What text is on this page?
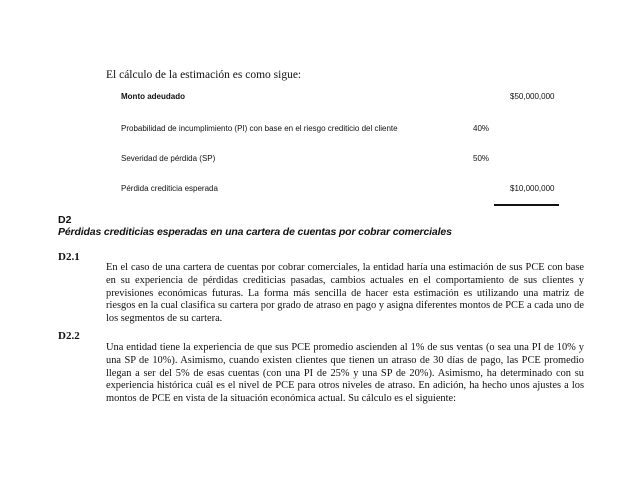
El cálculo de la estimación es como sigue:
Monto adeudado	$50,000,000
Probabilidad de incumplimiento (PI) con base en el riesgo crediticio del cliente	40%
Severidad de pérdida (SP)	50%
Pérdida crediticia esperada	$10,000,000
D2
Pérdidas crediticias esperadas en una cartera de cuentas por cobrar comerciales
D2.1
En el caso de una cartera de cuentas por cobrar comerciales, la entidad haría una estimación de sus PCE con base en su experiencia de pérdidas crediticias pasadas, cambios actuales en el comportamiento de sus clientes y previsiones económicas futuras. La forma más sencilla de hacer esta estimación es utilizando una matriz de riesgos en la cual clasifica su cartera por grado de atraso en pago y asigna diferentes montos de PCE a cada uno de los segmentos de su cartera.
D2.2
Una entidad tiene la experiencia de que sus PCE promedio ascienden al 1% de sus ventas (o sea una PI de 10% y una SP de 10%). Asimismo, cuando existen clientes que tienen un atraso de 30 días de pago, las PCE promedio llegan a ser del 5% de esas cuentas (con una PI de 25% y una SP de 20%). Asimismo, ha determinado con su experiencia histórica cuál es el nivel de PCE para otros niveles de atraso. En adición, ha hecho unos ajustes a los montos de PCE en vista de la situación económica actual. Su cálculo es el siguiente:
